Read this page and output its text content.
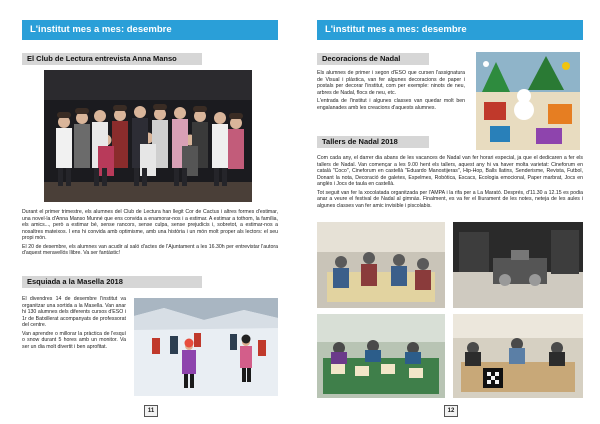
L'institut mes a mes: desembre
El Club de Lectura entrevista Anna Manso

Durant el primer trimestre, els alumnes del Club de Lectura han llegit Cor de Cactus i altres formes d'estimar, una novel·la d'Anna Manso Munné que ens convida a enamorar-nos i a estimar. A estimar a tothom, la família, els amics..., però a estimar bé, sense rancors, sense culpa, sense prejudicis i, sobretot, a estimar-nos a nosaltres mateixos. I ens hi convida amb optimisme, amb una història i un món molt proper als lectors: el seu propi món.

El 20 de desembre, els alumnes van acudir al saló d'actes de l'Ajuntament a les 16.30h per entrevistar l'autora d'aquest meravellós llibre. Va ser fantàstic!

Esquiada a la Masella 2018

El divendres 14 de desembre l'institut va organitzar una sortida a la Masella. Van anar hi 130 alumnes dels diferents cursos d'ESO i 1r de Batxillerat acompanyats de professorat del centre.

Van aprendre o millorar la pràctica de l'esquí o snow durant 5 hores amb un monitor. Va ser un dia molt divertit i ben aprofitat.

11
L'institut mes a mes: desembre
Decoracions de Nadal

Els alumnes de primer i segon d'ESO que cursen l'assignatura de Visual i plàstica, van fer algunes decoracions de paper i postals per decorar l'institut, com per exemple: ninots de neu, arbres de Nadal, flocs de neu, etc.

L'entrada de l'institut i algunes classes van quedar molt ben engalanades amb les creacions d'aquests alumnes.

Tallers de Nadal 2018

Com cada any, el darrer dia abans de les vacances de Nadal van fer horari especial, ja que el dedicaren a fer els tallers de Nadal. Van començar a les 9.00 hent els tallers, aquest any hi va haver molta varietat: Cineforum en català "Coco", Cineforum en castellà "Eduardo Manostijeras", Hip-Hop, Balls llatins, Senderisme, Revista, Futbol, Donant la nota, Decoració de galetes, Espelmes, Robòtica, Escacs, Ecologia emocional, Paper marbrat, Jocs en anglès i Jocs de taula en castellà.

Tot seguit van fer la xocolatada organitzada per l'AMPA i la rifa per a La Marató. Després, d'11.30 a 12.15 es podia anar a veure el festival de Nadal al gimnàs. Finalment, es va fer el lliurament de les notes, neteja de les aules i algunes classes van fer amic invisible i piscolabis.

12
